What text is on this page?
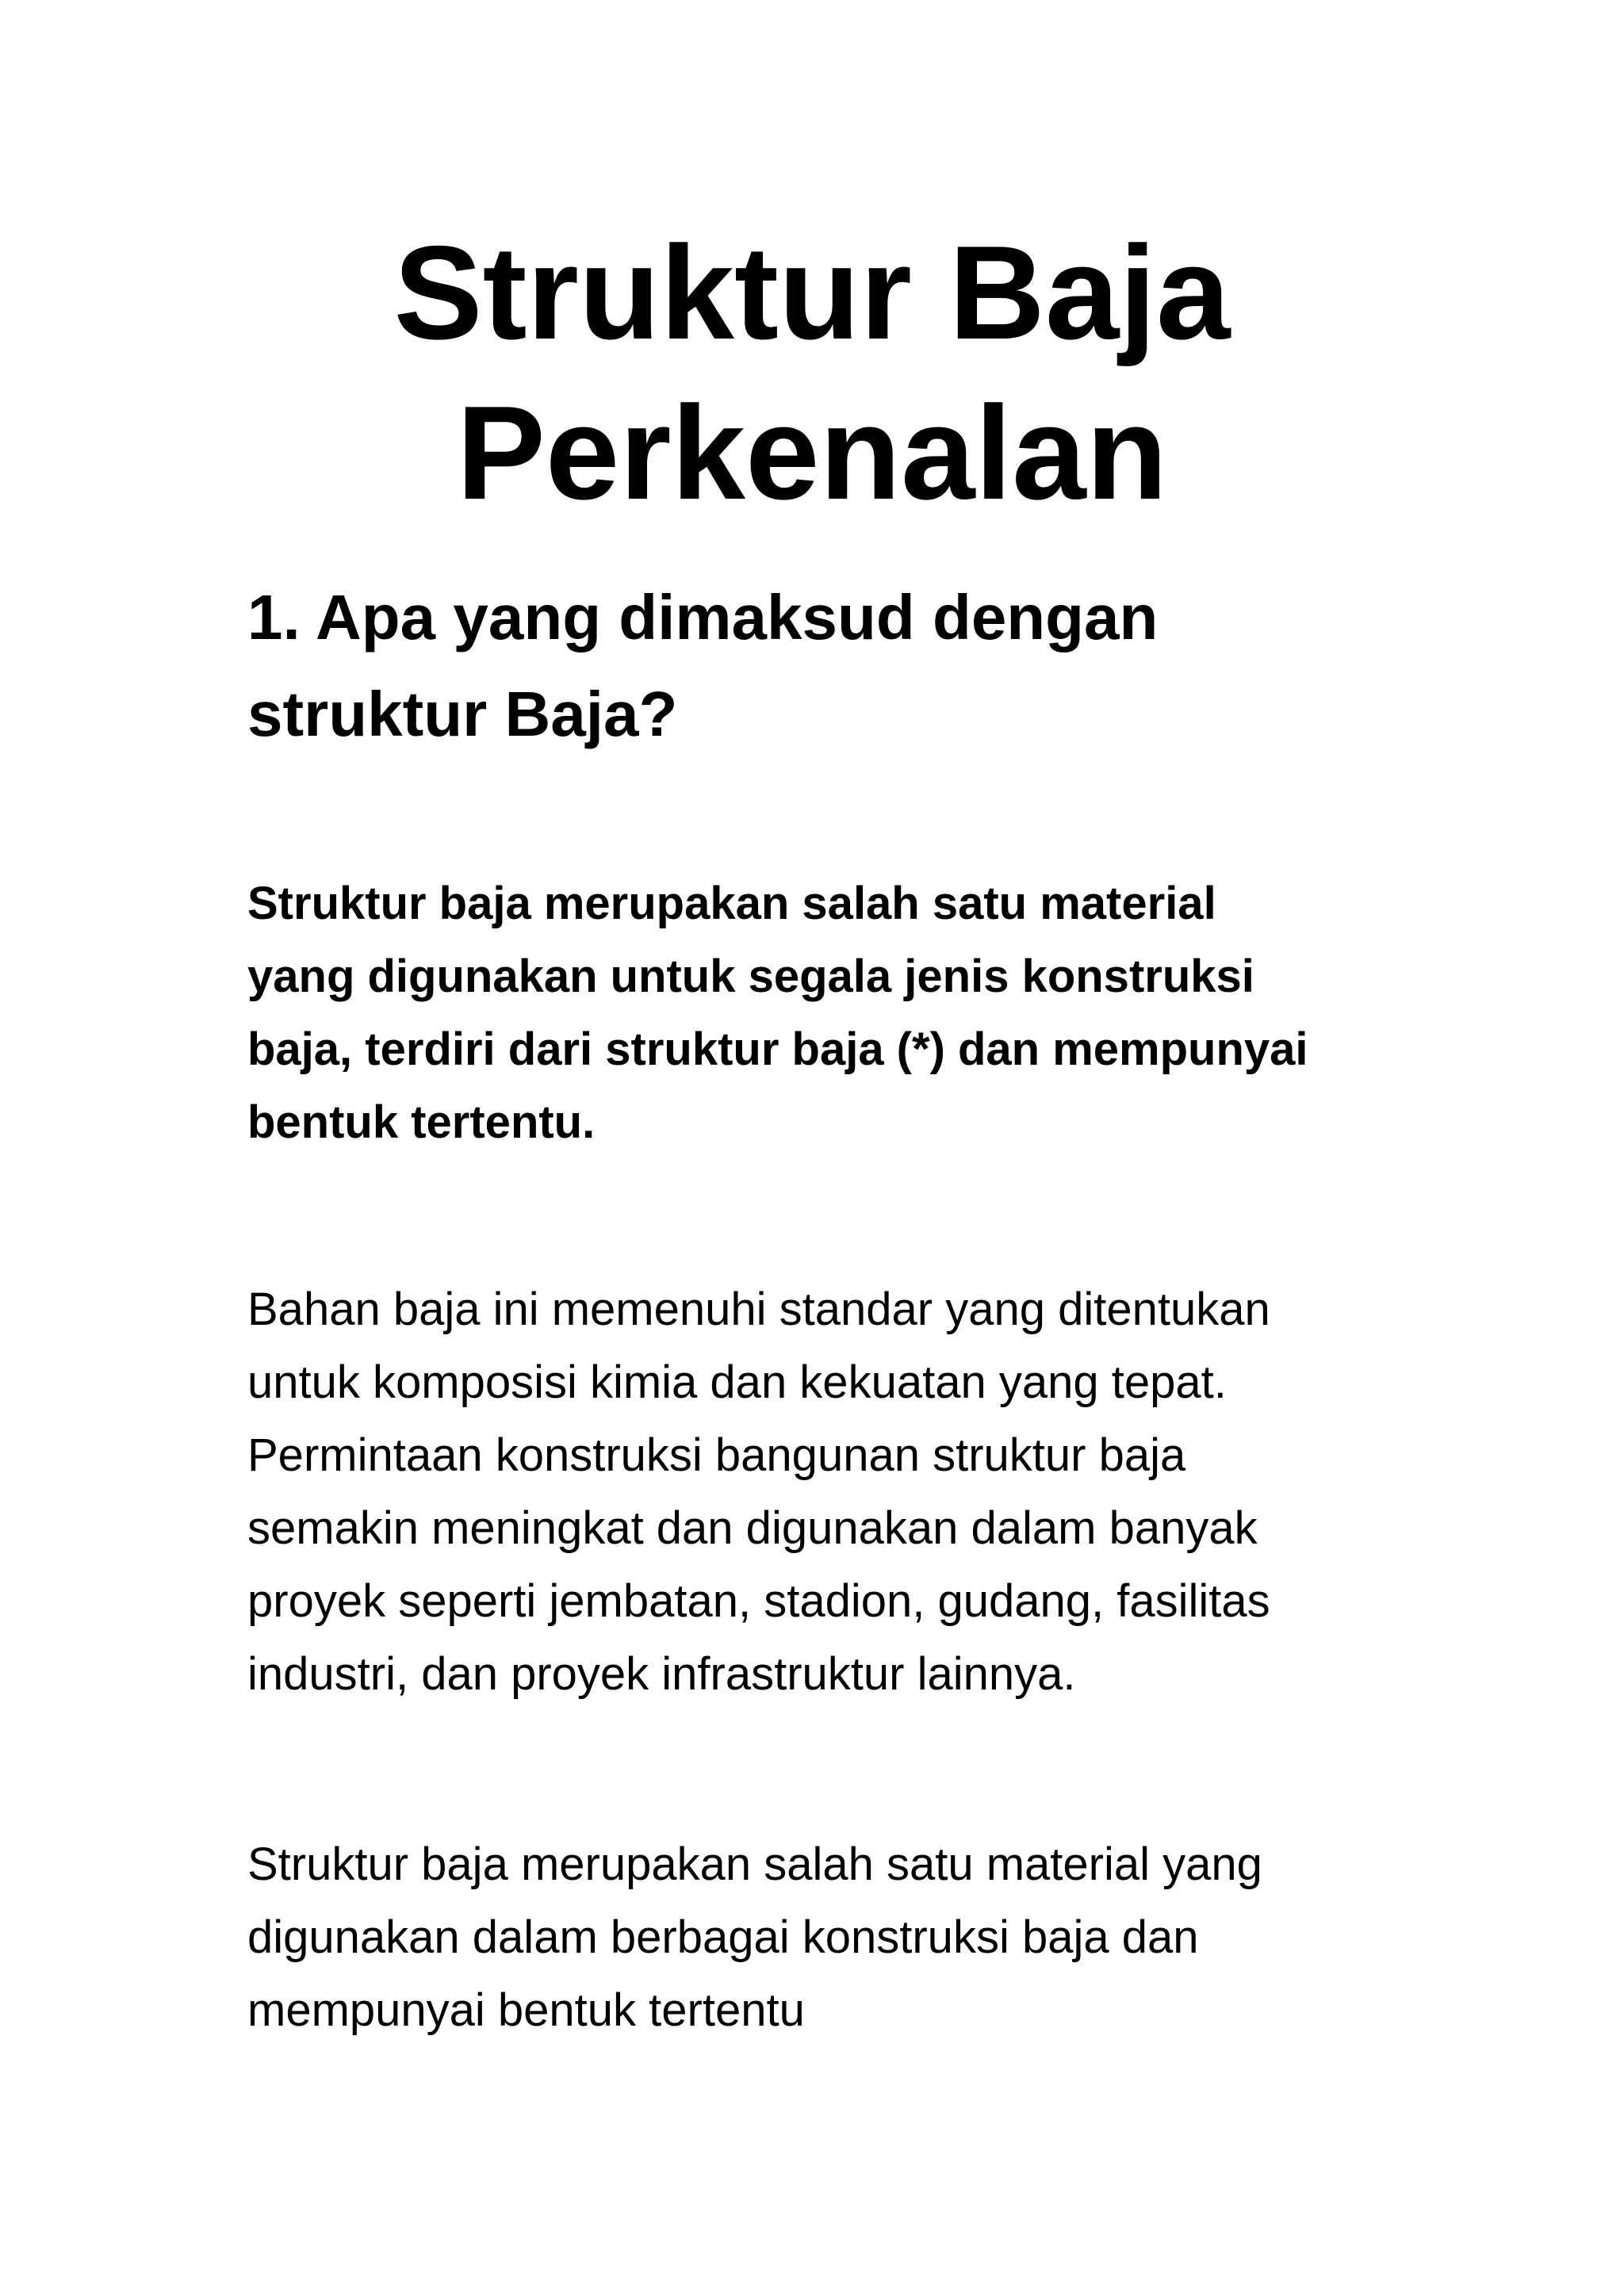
Struktur Baja
Perkenalan
1. Apa yang dimaksud dengan
struktur Baja?

Struktur baja merupakan salah satu material
yang digunakan untuk segala jenis konstruksi
baja, terdiri dari struktur baja (*) dan mempunyai
bentuk tertentu.

Bahan baja ini memenuhi standar yang ditentukan
untuk komposisi kimia dan kekuatan yang tepat.
Permintaan konstruksi bangunan struktur baja
semakin meningkat dan digunakan dalam banyak
proyek seperti jembatan, stadion, gudang, fasilitas
industri, dan proyek infrastruktur lainnya.

Struktur baja merupakan salah satu material yang
digunakan dalam berbagai konstruksi baja dan
mempunyai bentuk tertentu
